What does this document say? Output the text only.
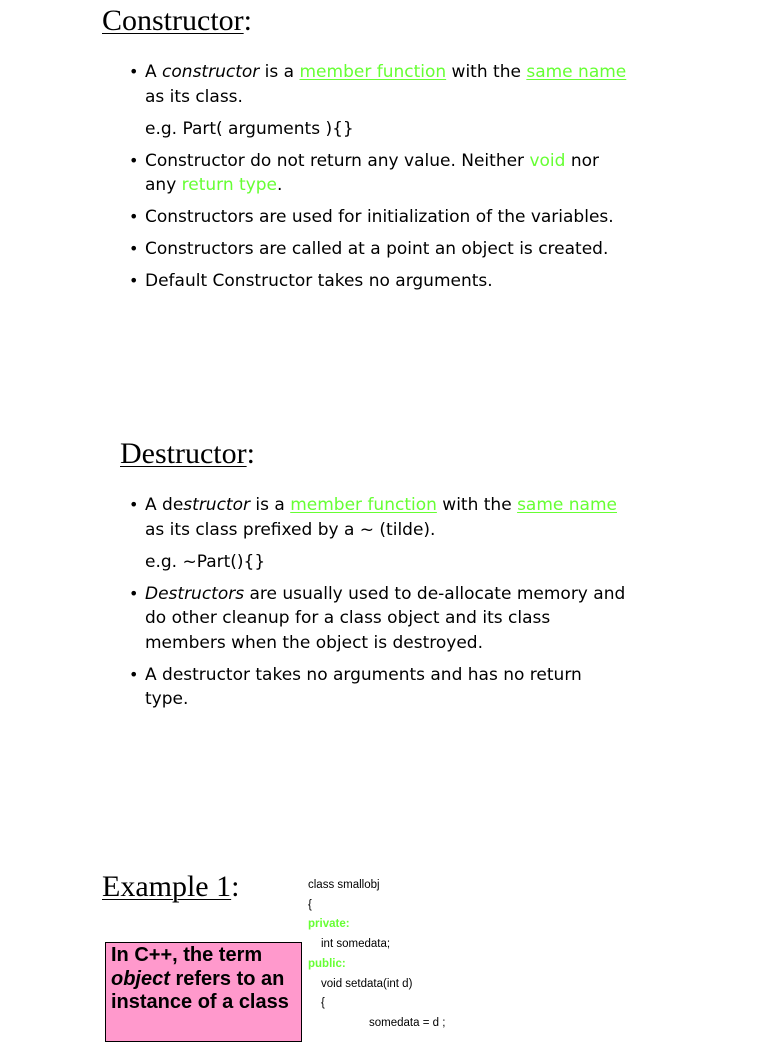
Constructor:
• A constructor is a member function with the same name as its class.
e.g. Part( arguments ){}
• Constructor do not return any value. Neither void nor any return type.
• Constructors are used for initialization of the variables.
• Constructors are called at a point an object is created.
• Default Constructor takes no arguments.
Destructor:
• A destructor is a member function with the same name as its class prefixed by a ~ (tilde).
e.g. ~Part(){}
• Destructors are usually used to de-allocate memory and do other cleanup for a class object and its class members when the object is destroyed.
• A destructor takes no arguments and has no return type.
Example 1:
In C++, the term object refers to an instance of a class
class smallobj
{
private:
int somedata;
public:
void setdata(int d)
{
somedata = d ;
